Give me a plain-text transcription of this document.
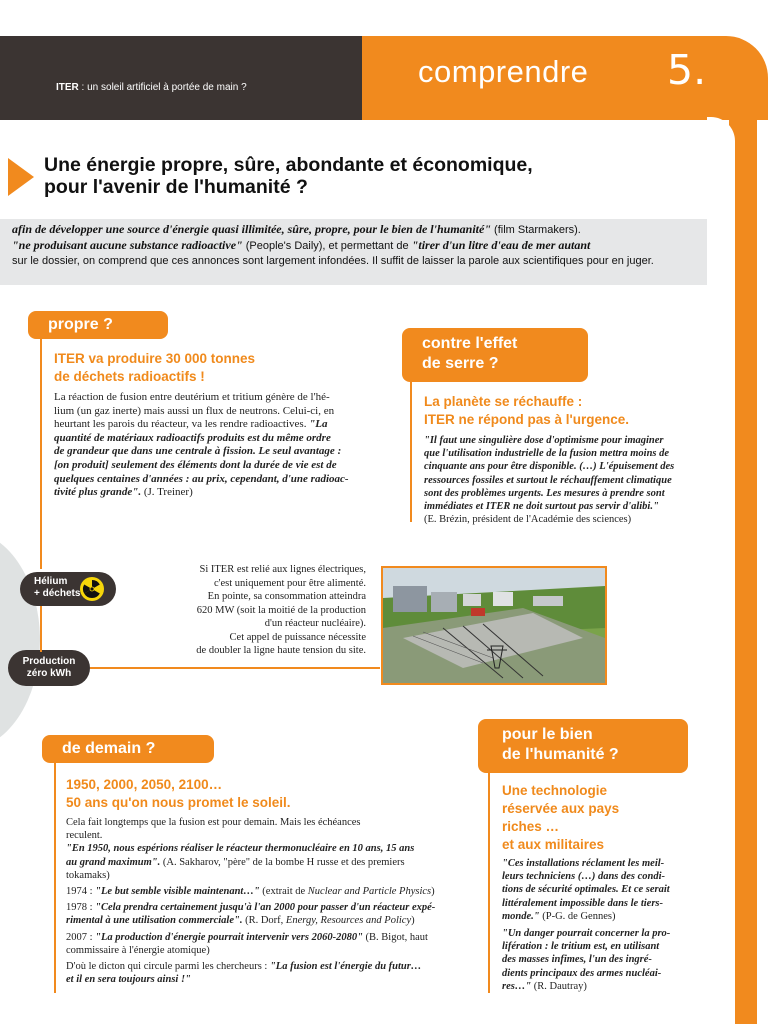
ITER : un soleil artificiel à portée de main ?	comprendre 5.
Une énergie propre, sûre, abondante et économique,
pour l'avenir de l'humanité ?
afin de développer une source d'énergie quasi illimitée, sûre, propre, pour le bien de l'humanité" (film Starmakers).
"ne produisant aucune substance radioactive" (People's Daily), et permettant de "tirer d'un litre d'eau de mer autant
sur le dossier, on comprend que ces annonces sont largement infondées. Il suffit de laisser la parole aux scientifiques pour en juger.
propre ?
ITER va produire 30 000 tonnes
de déchets radioactifs !
La réaction de fusion entre deutérium et tritium génère de l'hé-
lium (un gaz inerte) mais aussi un flux de neutrons. Celui-ci, en
heurtant les parois du réacteur, va les rendre radioactives. "La
quantité de matériaux radioactifs produits est du même ordre
de grandeur que dans une centrale à fission. Le seul avantage :
[on produit] seulement des éléments dont la durée de vie est de
quelques centaines d'années : au prix, cependant, d'une radioac-
tivité plus grande". (J. Treiner)
contre l'effet
de serre ?
La planète se réchauffe :
ITER ne répond pas à l'urgence.
"Il faut une singulière dose d'optimisme pour imaginer
que l'utilisation industrielle de la fusion mettra moins de
cinquante ans pour être disponible. (…) L'épuisement des
ressources fossiles et surtout le réchauffement climatique
sont des problèmes urgents. Les mesures à prendre sont
immédiates et ITER ne doit surtout pas servir d'alibi."
(E. Brézin, président de l'Académie des sciences)
Hélium
+ déchets
Production
zéro kWh
Si ITER est relié aux lignes électriques,
c'est uniquement pour être alimenté.
En pointe, sa consommation atteindra
620 MW (soit la moitié de la production
d'un réacteur nucléaire).
Cet appel de puissance nécessite
de doubler la ligne haute tension du site.
de demain ?
1950, 2000, 2050, 2100…
50 ans qu'on nous promet le soleil.
Cela fait longtemps que la fusion est pour demain. Mais les échéances
reculent.
"En 1950, nous espérions réaliser le réacteur thermonucléaire en 10 ans, 15 ans
au grand maximum". (A. Sakharov, "père" de la bombe H russe et des premiers
tokamaks)
1974 : "Le but semble visible maintenant…" (extrait de Nuclear and Particle Physics)
1978 : "Cela prendra certainement jusqu'à l'an 2000 pour passer d'un réacteur expé-
rimental à une utilisation commerciale". (R. Dorf, Energy, Resources and Policy)
2007 : "La production d'énergie pourrait intervenir vers 2060-2080" (B. Bigot, haut
commissaire à l'énergie atomique)
D'où le dicton qui circule parmi les chercheurs : "La fusion est l'énergie du futur…
et il en sera toujours ainsi !"
pour le bien
de l'humanité ?
Une technologie
réservée aux pays
riches …
et aux militaires
"Ces installations réclament les meil-
leurs techniciens (…) dans des condi-
tions de sécurité optimales. Et ce serait
littéralement impossible dans le tiers-
monde." (P-G. de Gennes)
"Un danger pourrait concerner la pro-
lifération : le tritium est, en utilisant
des masses infimes, l'un des ingré-
dients principaux des armes nucléai-
res…" (R. Dautray)
